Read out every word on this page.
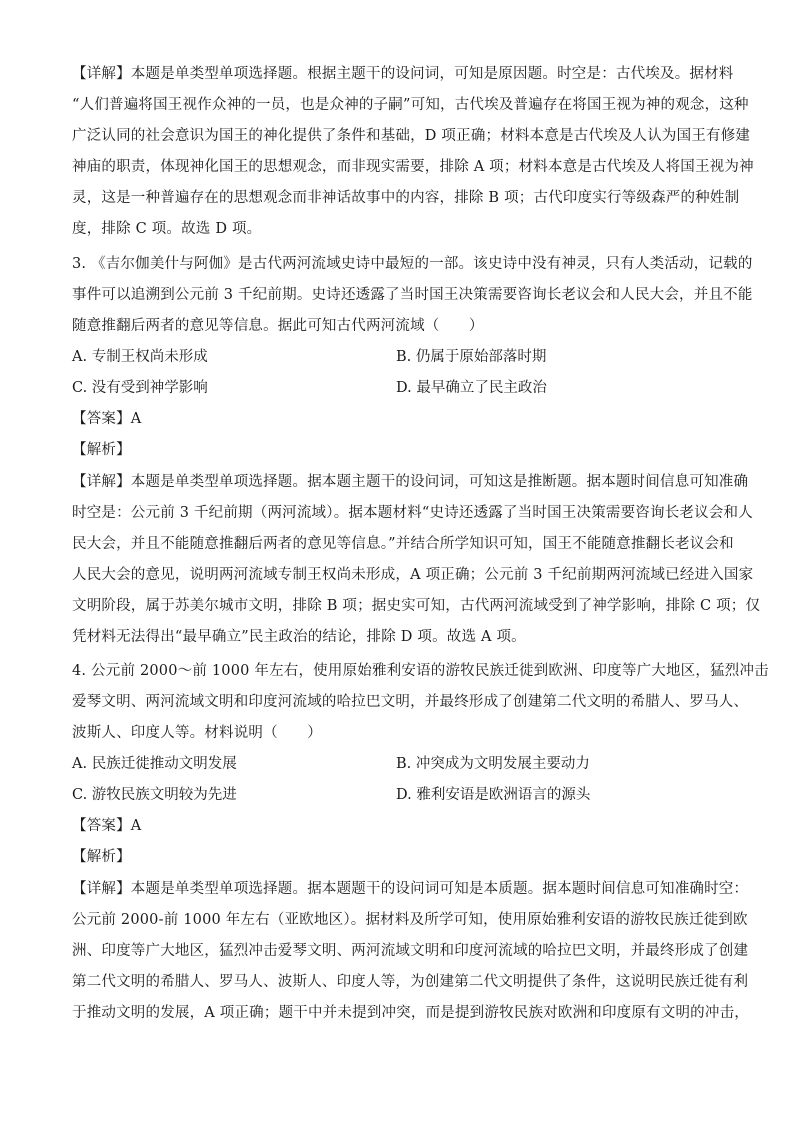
【详解】本题是单类型单项选择题。根据主题干的设问词，可知是原因题。时空是：古代埃及。据材料
“人们普遍将国王视作众神的一员，也是众神的子嗣”可知，古代埃及普遍存在将国王视为神的观念，这种
广泛认同的社会意识为国王的神化提供了条件和基础，D 项正确；材料本意是古代埃及人认为国王有修建
神庙的职责，体现神化国王的思想观念，而非现实需要，排除 A 项；材料本意是古代埃及人将国王视为神
灵，这是一种普遍存在的思想观念而非神话故事中的内容，排除 B 项；古代印度实行等级森严的种姓制
度，排除 C 项。故选 D 项。
3. 《吉尔伽美什与阿伽》是古代两河流域史诗中最短的一部。该史诗中没有神灵，只有人类活动，记载的
事件可以追溯到公元前 3 千纪前期。史诗还透露了当时国王决策需要咨询长老议会和人民大会，并且不能
随意推翻后两者的意见等信息。据此可知古代两河流域（　　）
A. 专制王权尚未形成	B. 仍属于原始部落时期
C. 没有受到神学影响	D. 最早确立了民主政治
【答案】A
【解析】
【详解】本题是单类型单项选择题。据本题主题干的设问词，可知这是推断题。据本题时间信息可知准确
时空是：公元前 3 千纪前期（两河流域）。据本题材料“史诗还透露了当时国王决策需要咨询长老议会和人
民大会，并且不能随意推翻后两者的意见等信息。”并结合所学知识可知，国王不能随意推翻长老议会和
人民大会的意见，说明两河流域专制王权尚未形成，A 项正确；公元前 3 千纪前期两河流域已经进入国家
文明阶段，属于苏美尔城市文明，排除 B 项；据史实可知，古代两河流域受到了神学影响，排除 C 项；仅
凭材料无法得出“最早确立”民主政治的结论，排除 D 项。故选 A 项。
4. 公元前 2000～前 1000 年左右，使用原始雅利安语的游牧民族迁徙到欧洲、印度等广大地区，猛烈冲击
爱琴文明、两河流域文明和印度河流域的哈拉巴文明，并最终形成了创建第二代文明的希腊人、罗马人、
波斯人、印度人等。材料说明（　　）
A. 民族迁徙推动文明发展	B. 冲突成为文明发展主要动力
C. 游牧民族文明较为先进	D. 雅利安语是欧洲语言的源头
【答案】A
【解析】
【详解】本题是单类型单项选择题。据本题题干的设问词可知是本质题。据本题时间信息可知准确时空：
公元前 2000-前 1000 年左右（亚欧地区）。据材料及所学可知，使用原始雅利安语的游牧民族迁徙到欧
洲、印度等广大地区，猛烈冲击爱琴文明、两河流域文明和印度河流域的哈拉巴文明，并最终形成了创建
第二代文明的希腊人、罗马人、波斯人、印度人等，为创建第二代文明提供了条件，这说明民族迁徙有利
于推动文明的发展，A 项正确；题干中并未提到冲突，而是提到游牧民族对欧洲和印度原有文明的冲击，
